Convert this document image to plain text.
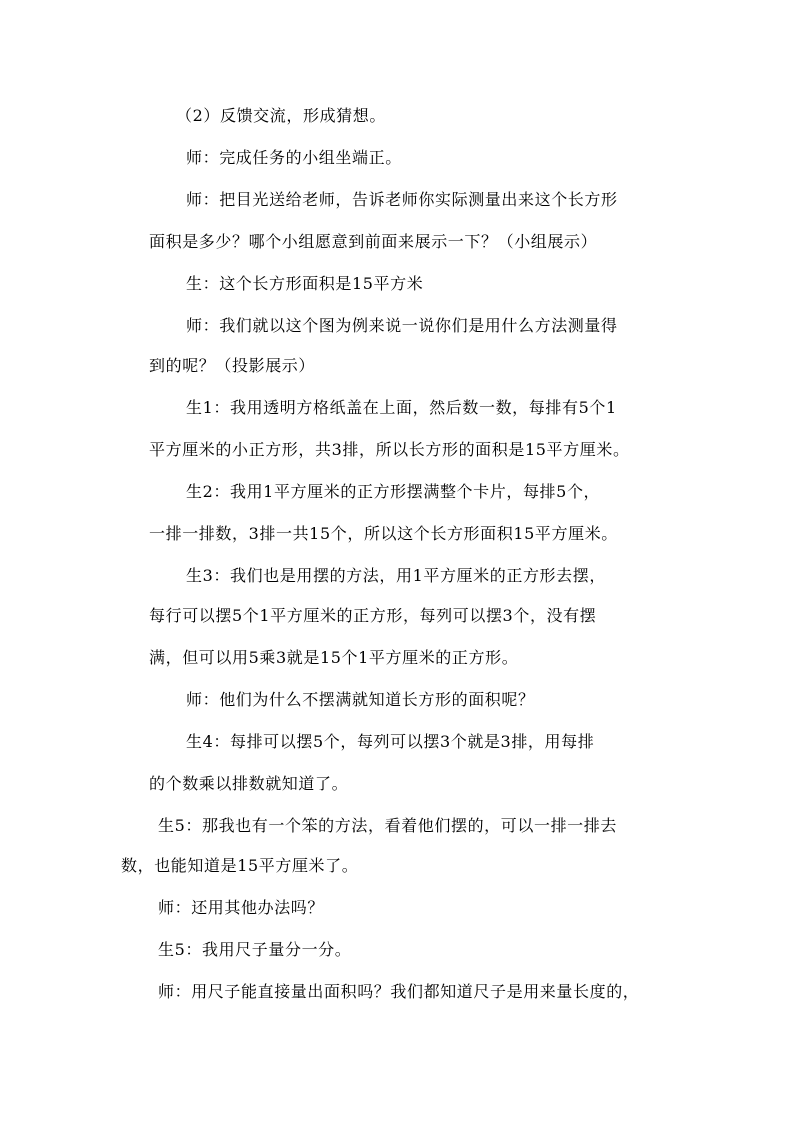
（2）反馈交流，形成猜想。
师：完成任务的小组坐端正。
师：把目光送给老师，告诉老师你实际测量出来这个长方形
面积是多少？哪个小组愿意到前面来展示一下？（小组展示）
生：这个长方形面积是15平方米
师：我们就以这个图为例来说一说你们是用什么方法测量得
到的呢？（投影展示）
生1：我用透明方格纸盖在上面，然后数一数，每排有5个1
平方厘米的小正方形，共3排，所以长方形的面积是15平方厘米。
生2：我用1平方厘米的正方形摆满整个卡片，每排5个，
一排一排数，3排一共15个，所以这个长方形面积15平方厘米。
生3：我们也是用摆的方法，用1平方厘米的正方形去摆，
每行可以摆5个1平方厘米的正方形，每列可以摆3个，没有摆
满，但可以用5乘3就是15个1平方厘米的正方形。
师：他们为什么不摆满就知道长方形的面积呢？
生4：每排可以摆5个，每列可以摆3个就是3排，用每排
的个数乘以排数就知道了。
生5：那我也有一个笨的方法，看着他们摆的，可以一排一排去
数，也能知道是15平方厘米了。
师：还用其他办法吗？
生5：我用尺子量分一分。
师：用尺子能直接量出面积吗？我们都知道尺子是用来量长度的，
